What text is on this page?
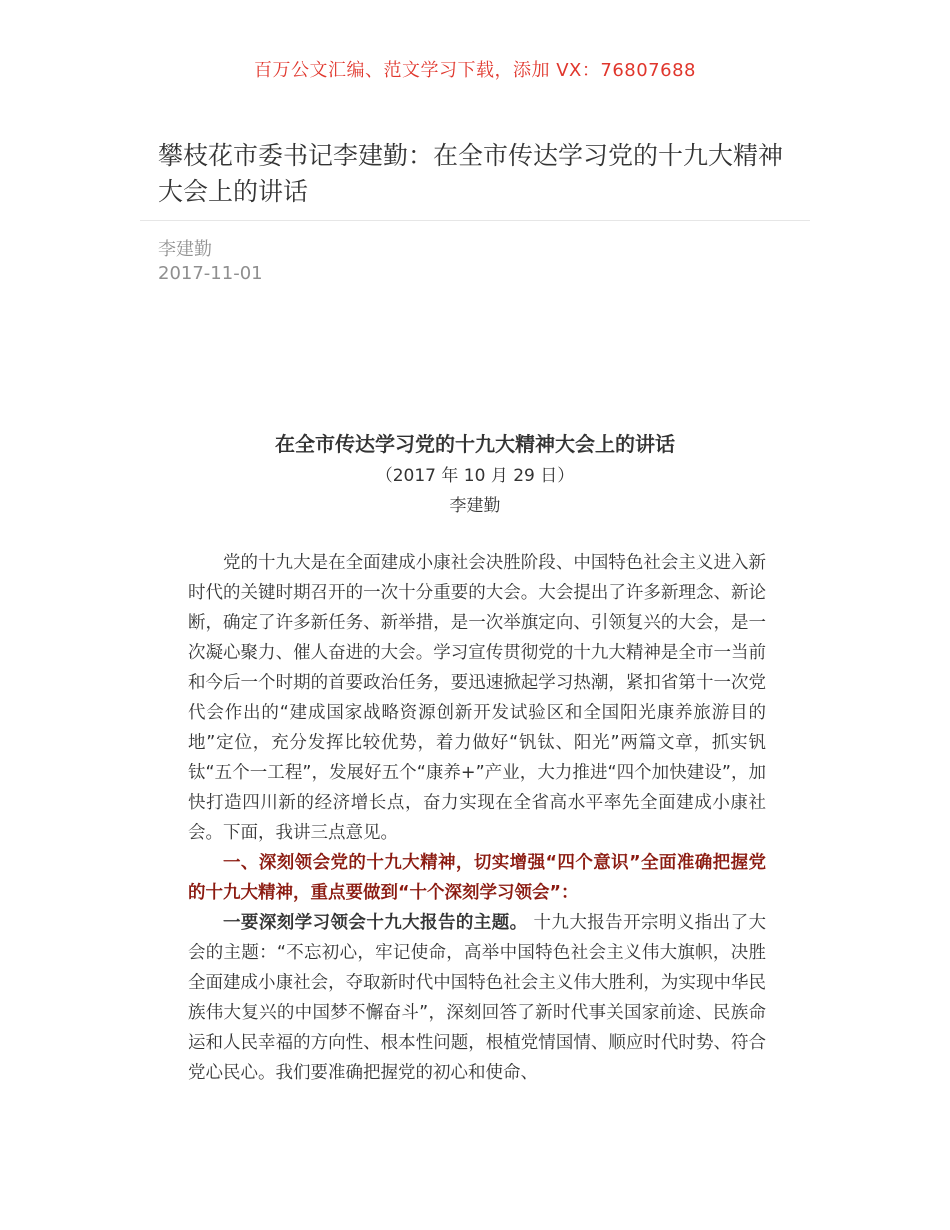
百万公文汇编、范文学习下载，添加 VX：76807688
攀枝花市委书记李建勤：在全市传达学习党的十九大精神大会上的讲话
李建勤
2017-11-01
在全市传达学习党的十九大精神大会上的讲话
（2017 年 10 月 29 日）
李建勤

党的十九大是在全面建成小康社会决胜阶段、中国特色社会主义进入新时代的关键时期召开的一次十分重要的大会。大会提出了许多新理念、新论断，确定了许多新任务、新举措，是一次举旗定向、引领复兴的大会，是一次凝心聚力、催人奋进的大会。学习宣传贯彻党的十九大精神是全市一当前和今后一个时期的首要政治任务，要迅速掀起学习热潮，紧扣省第十一次党代会作出的“建成国家战略资源创新开发试验区和全国阳光康养旅游目的地”定位，充分发挥比较优势，着力做好“钒钛、阳光”两篇文章，抓实钒钛“五个一工程”，发展好五个“康养+”产业，大力推进“四个加快建设”，加快打造四川新的经济增长点，奋力实现在全省高水平率先全面建成小康社会。下面，我讲三点意见。

一、深刻领会党的十九大精神，切实增强“四个意识”全面准确把握党的十九大精神，重点要做到“十个深刻学习领会”：

一要深刻学习领会十九大报告的主题。 十九大报告开宗明义指出了大会的主题：“不忘初心，牢记使命，高举中国特色社会主义伟大旗帜，决胜全面建成小康社会，夺取新时代中国特色社会主义伟大胜利，为实现中华民族伟大复兴的中国梦不懈奋斗”，深刻回答了新时代事关国家前途、民族命运和人民幸福的方向性、根本性问题，根植党情国情、顺应时代时势、符合党心民心。我们要准确把握党的初心和使命、
